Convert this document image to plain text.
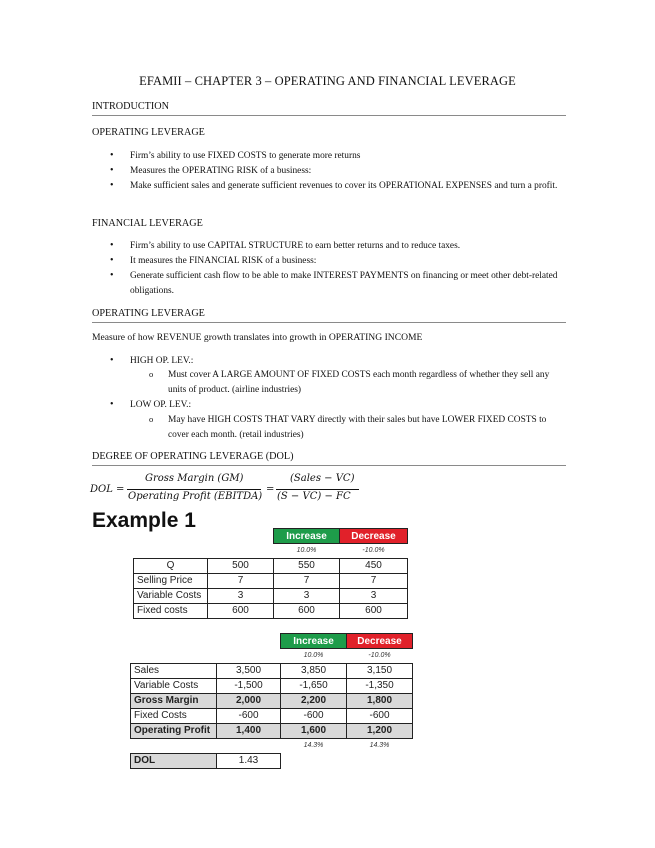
EFAMII – CHAPTER 3 – OPERATING AND FINANCIAL LEVERAGE
INTRODUCTION
OPERATING LEVERAGE
• Firm’s ability to use FIXED COSTS to generate more returns
• Measures the OPERATING RISK of a business:
• Make sufficient sales and generate sufficient revenues to cover its OPERATIONAL EXPENSES and turn a profit.
FINANCIAL LEVERAGE
• Firm’s ability to use CAPITAL STRUCTURE to earn better returns and to reduce taxes.
• It measures the FINANCIAL RISK of a business:
• Generate sufficient cash flow to be able to make INTEREST PAYMENTS on financing or meet other debt-related obligations.
OPERATING LEVERAGE
Measure of how REVENUE growth translates into growth in OPERATING INCOME
• HIGH OP. LEV.:
o Must cover A LARGE AMOUNT OF FIXED COSTS each month regardless of whether they sell any units of product. (airline industries)
• LOW OP. LEV.:
o May have HIGH COSTS THAT VARY directly with their sales but have LOWER FIXED COSTS to cover each month. (retail industries)
DEGREE OF OPERATING LEVERAGE (DOL)
DOL =
Gross Margin (GM)
Operating Profit (EBITDA)
=
(Sales − VC)
(S − VC) − FC
Example 1
		Increase	Decrease
		10.0%	-10.0%
Q	500	550	450
Selling Price	7	7	7
Variable Costs	3	3	3
Fixed costs	600	600	600
		Increase	Decrease
		10.0%	-10.0%
Sales	3,500	3,850	3,150
Variable Costs	-1,500	-1,650	-1,350
Gross Margin	2,000	2,200	1,800
Fixed Costs	-600	-600	-600
Operating Profit	1,400	1,600	1,200
		14.3%	14.3%
DOL	1.43		
